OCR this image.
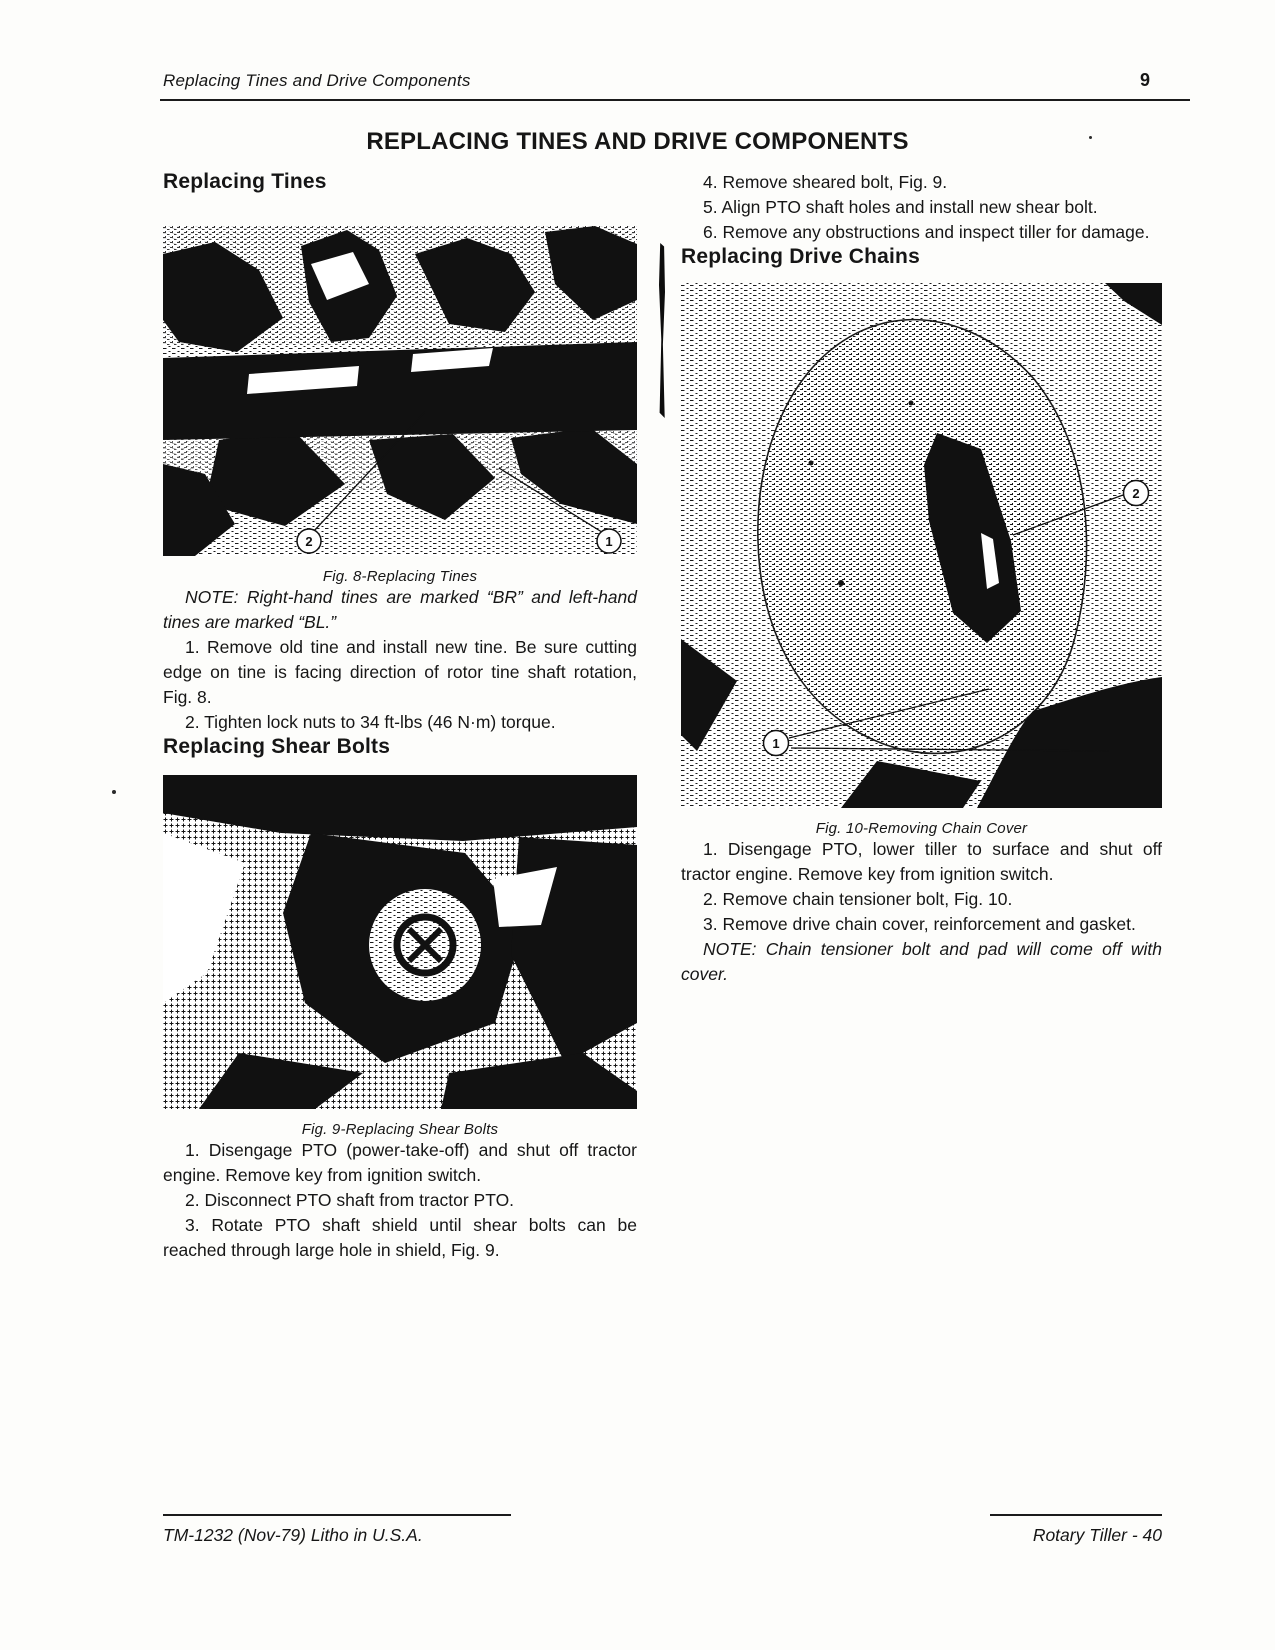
Replacing Tines and Drive Components	9
REPLACING TINES AND DRIVE COMPONENTS
Replacing Tines
2	1
Fig. 8-Replacing Tines

NOTE: Right-hand tines are marked “BR” and left-hand tines are marked “BL.”

1. Remove old tine and install new tine. Be sure cutting edge on tine is facing direction of rotor tine shaft rotation, Fig. 8.

2. Tighten lock nuts to 34 ft-lbs (46 N·m) torque.

Replacing Shear Bolts
Fig. 9-Replacing Shear Bolts

1. Disengage PTO (power-take-off) and shut off tractor engine. Remove key from ignition switch.

2. Disconnect PTO shaft from tractor PTO.

3. Rotate PTO shaft shield until shear bolts can be reached through large hole in shield, Fig. 9.

4. Remove sheared bolt, Fig. 9.

5. Align PTO shaft holes and install new shear bolt.

6. Remove any obstructions and inspect tiller for damage.

Replacing Drive Chains
2
1
Fig. 10-Removing Chain Cover

1. Disengage PTO, lower tiller to surface and shut off tractor engine. Remove key from ignition switch.

2. Remove chain tensioner bolt, Fig. 10.

3. Remove drive chain cover, reinforcement and gasket.

NOTE: Chain tensioner bolt and pad will come off with cover.

TM-1232 (Nov-79) Litho in U.S.A.	Rotary Tiller - 40
